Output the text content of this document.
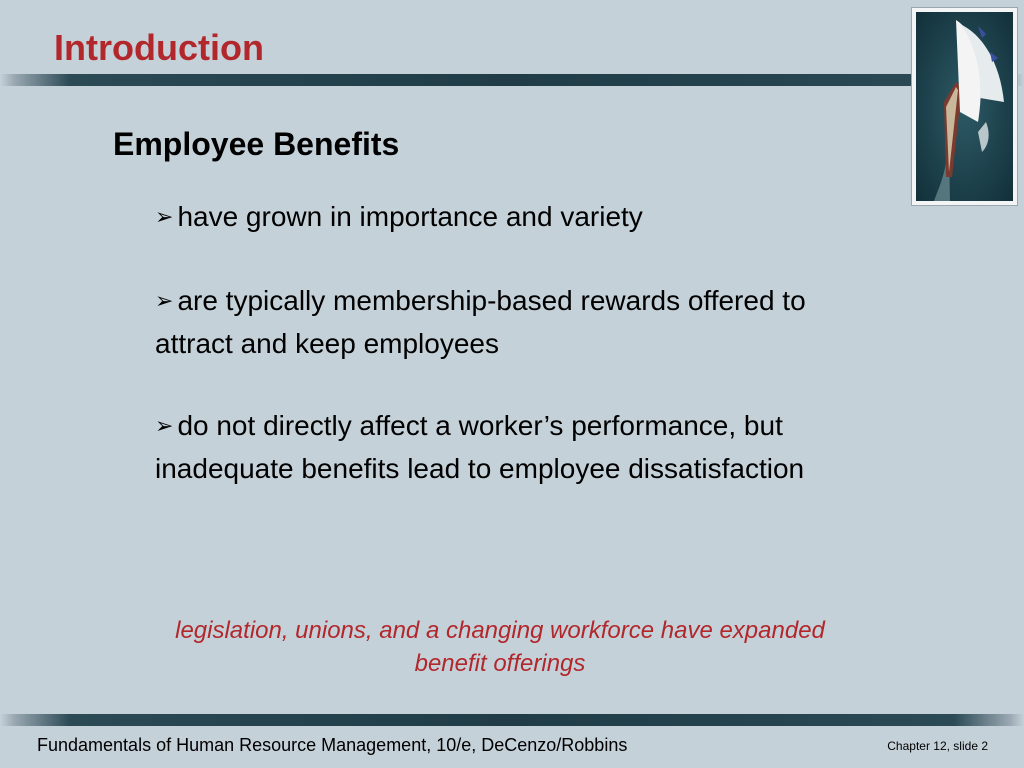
Introduction
Employee Benefits
➢ have grown in importance and variety
➢ are typically membership-based rewards offered to attract and keep employees
➢ do not directly affect a worker’s performance, but inadequate benefits lead to employee dissatisfaction

legislation, unions, and a changing workforce have expanded benefit offerings

Fundamentals of Human Resource Management, 10/e, DeCenzo/Robbins	Chapter 12, slide 2
